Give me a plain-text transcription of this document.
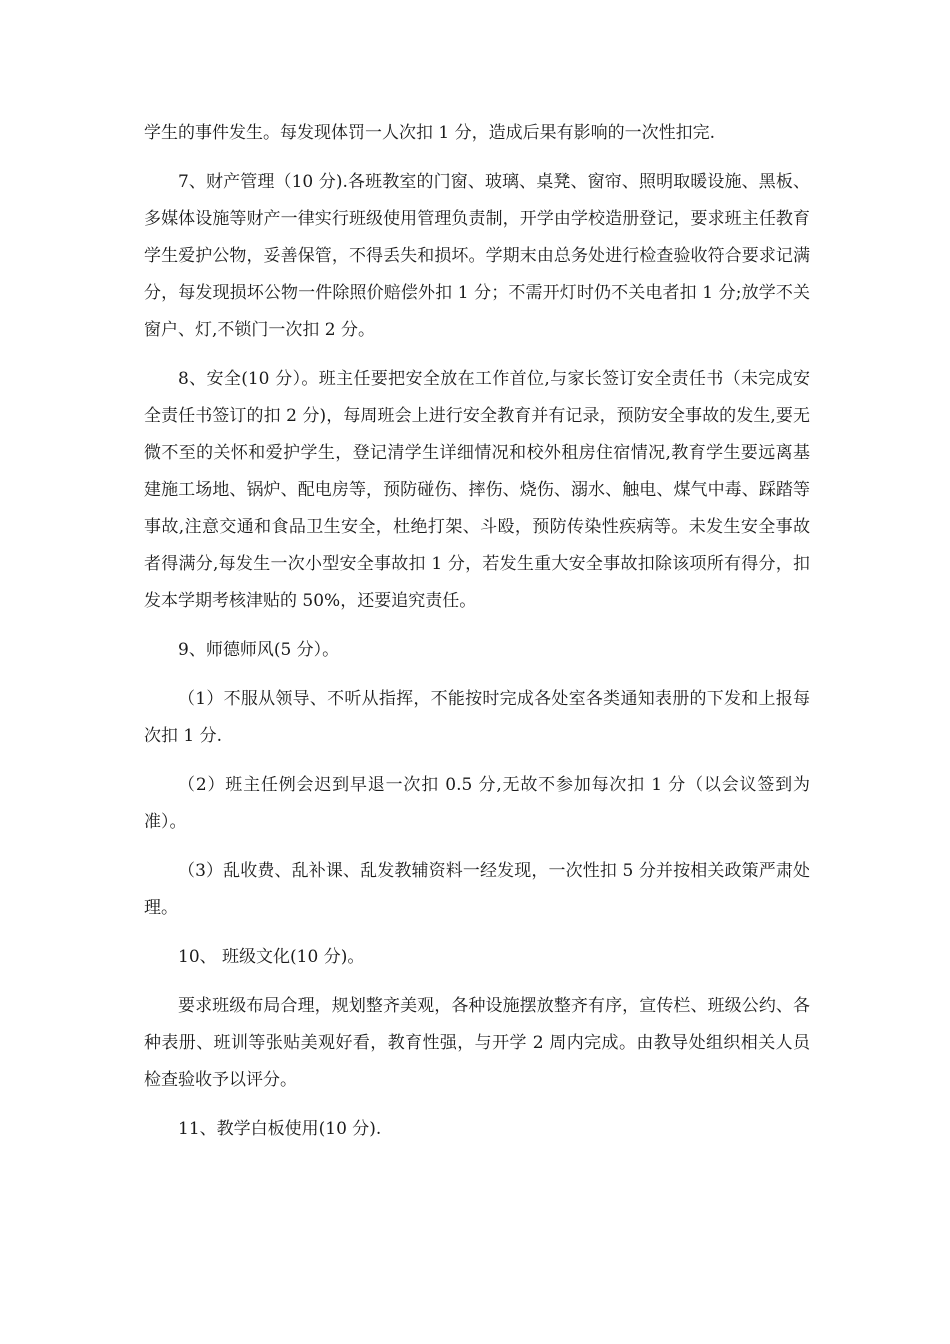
学生的事件发生。每发现体罚一人次扣 1 分，造成后果有影响的一次性扣完.

7、财产管理（10 分).各班教室的门窗、玻璃、桌凳、窗帘、照明取暖设施、黑板、多媒体设施等财产一律实行班级使用管理负责制，开学由学校造册登记，要求班主任教育学生爱护公物，妥善保管，不得丢失和损坏。学期末由总务处进行检查验收符合要求记满分，每发现损坏公物一件除照价赔偿外扣 1 分；不需开灯时仍不关电者扣 1 分;放学不关窗户、灯,不锁门一次扣 2 分。

8、安全(10 分）。班主任要把安全放在工作首位,与家长签订安全责任书（未完成安全责任书签订的扣 2 分)，每周班会上进行安全教育并有记录，预防安全事故的发生,要无微不至的关怀和爱护学生，登记清学生详细情况和校外租房住宿情况,教育学生要远离基建施工场地、锅炉、配电房等，预防碰伤、摔伤、烧伤、溺水、触电、煤气中毒、踩踏等事故,注意交通和食品卫生安全，杜绝打架、斗殴，预防传染性疾病等。未发生安全事故者得满分,每发生一次小型安全事故扣 1 分，若发生重大安全事故扣除该项所有得分，扣发本学期考核津贴的 50%，还要追究责任。

9、师德师风(5 分）。

（1）不服从领导、不听从指挥，不能按时完成各处室各类通知表册的下发和上报每次扣 1 分.

（2）班主任例会迟到早退一次扣 0.5 分,无故不参加每次扣 1 分（以会议签到为准）。

（3）乱收费、乱补课、乱发教辅资料一经发现，一次性扣 5 分并按相关政策严肃处理。

10、 班级文化(10 分)。

要求班级布局合理，规划整齐美观，各种设施摆放整齐有序，宣传栏、班级公约、各种表册、班训等张贴美观好看，教育性强，与开学 2 周内完成。由教导处组织相关人员检查验收予以评分。

11、教学白板使用(10 分).
